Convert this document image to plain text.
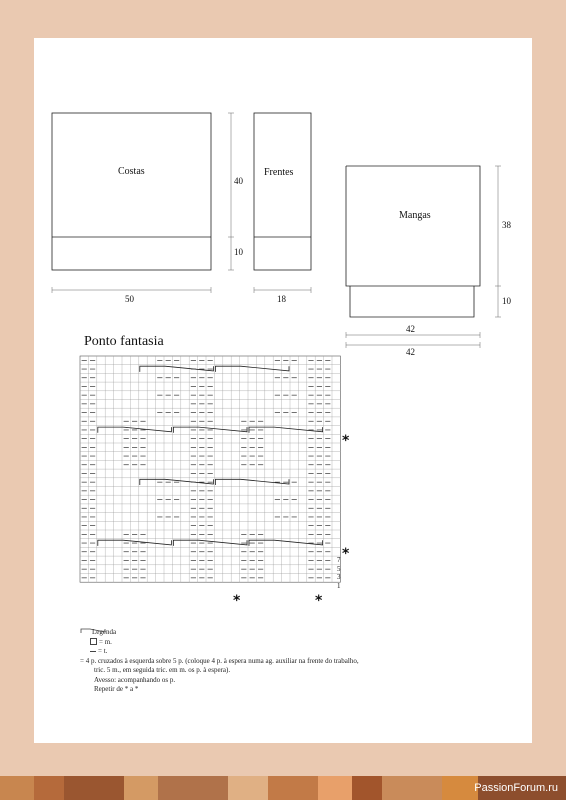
Costas	Frentes
Mangas
40
10
50	18
38
10
42
42
Ponto fantasia
7
5
3
1
*
*
*	*
Legenda
= m.
= t.
= 4 p. cruzados à esquerda sobre 5 p. (coloque 4 p. à espera numa ag. auxiliar na frente do trabalho,
tric. 5 m., em seguida tric. em m. os p. à espera).
Avesso: acompanhando os p.
Repetir de * a *
PassionForum.ru
